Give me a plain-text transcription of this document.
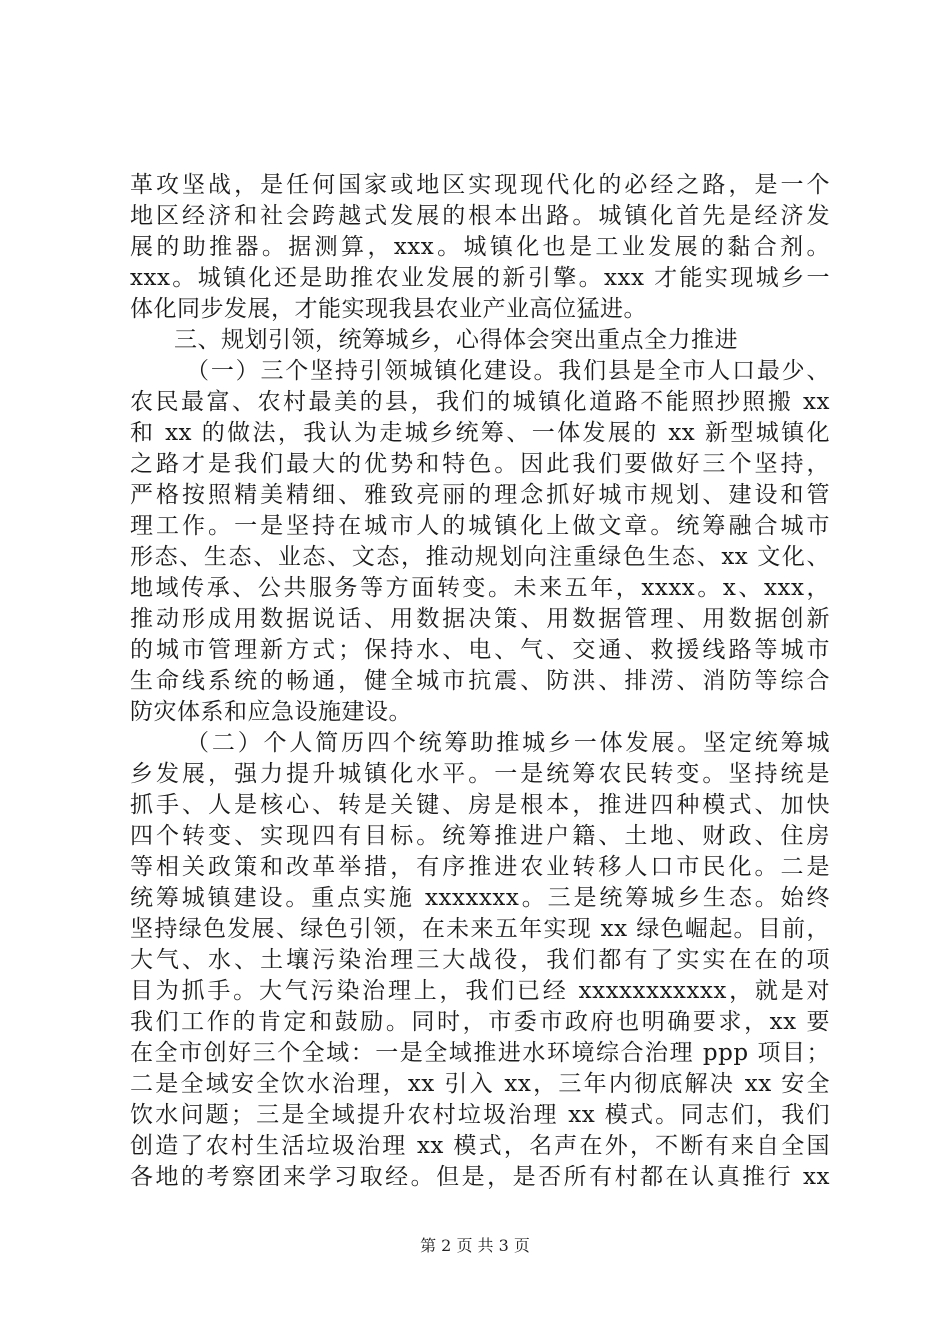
革攻坚战，是任何国家或地区实现现代化的必经之路，是一个
地区经济和社会跨越式发展的根本出路。城镇化首先是经济发
展的助推器。据测算，xxx。城镇化也是工业发展的黏合剂。
xxx。城镇化还是助推农业发展的新引擎。xxx 才能实现城乡一
体化同步发展，才能实现我县农业产业高位猛进。
三、规划引领，统筹城乡，心得体会突出重点全力推进
（一）三个坚持引领城镇化建设。我们县是全市人口最少、
农民最富、农村最美的县，我们的城镇化道路不能照抄照搬 xx
和 xx 的做法，我认为走城乡统筹、一体发展的 xx 新型城镇化
之路才是我们最大的优势和特色。因此我们要做好三个坚持，
严格按照精美精细、雅致亮丽的理念抓好城市规划、建设和管
理工作。一是坚持在城市人的城镇化上做文章。统筹融合城市
形态、生态、业态、文态，推动规划向注重绿色生态、xx 文化、
地域传承、公共服务等方面转变。未来五年，xxxx。x、xxx，
推动形成用数据说话、用数据决策、用数据管理、用数据创新
的城市管理新方式；保持水、电、气、交通、救援线路等城市
生命线系统的畅通，健全城市抗震、防洪、排涝、消防等综合
防灾体系和应急设施建设。
（二）个人简历四个统筹助推城乡一体发展。坚定统筹城
乡发展，强力提升城镇化水平。一是统筹农民转变。坚持统是
抓手、人是核心、转是关键、房是根本，推进四种模式、加快
四个转变、实现四有目标。统筹推进户籍、土地、财政、住房
等相关政策和改革举措，有序推进农业转移人口市民化。二是
统筹城镇建设。重点实施 xxxxxxx。三是统筹城乡生态。始终
坚持绿色发展、绿色引领，在未来五年实现 xx 绿色崛起。目前，
大气、水、土壤污染治理三大战役，我们都有了实实在在的项
目为抓手。大气污染治理上，我们已经 xxxxxxxxxxx，就是对
我们工作的肯定和鼓励。同时，市委市政府也明确要求，xx 要
在全市创好三个全域：一是全域推进水环境综合治理 ppp 项目；
二是全域安全饮水治理，xx 引入 xx，三年内彻底解决 xx 安全
饮水问题；三是全域提升农村垃圾治理 xx 模式。同志们，我们
创造了农村生活垃圾治理 xx 模式，名声在外，不断有来自全国
各地的考察团来学习取经。但是，是否所有村都在认真推行 xx
第 2 页 共 3 页
